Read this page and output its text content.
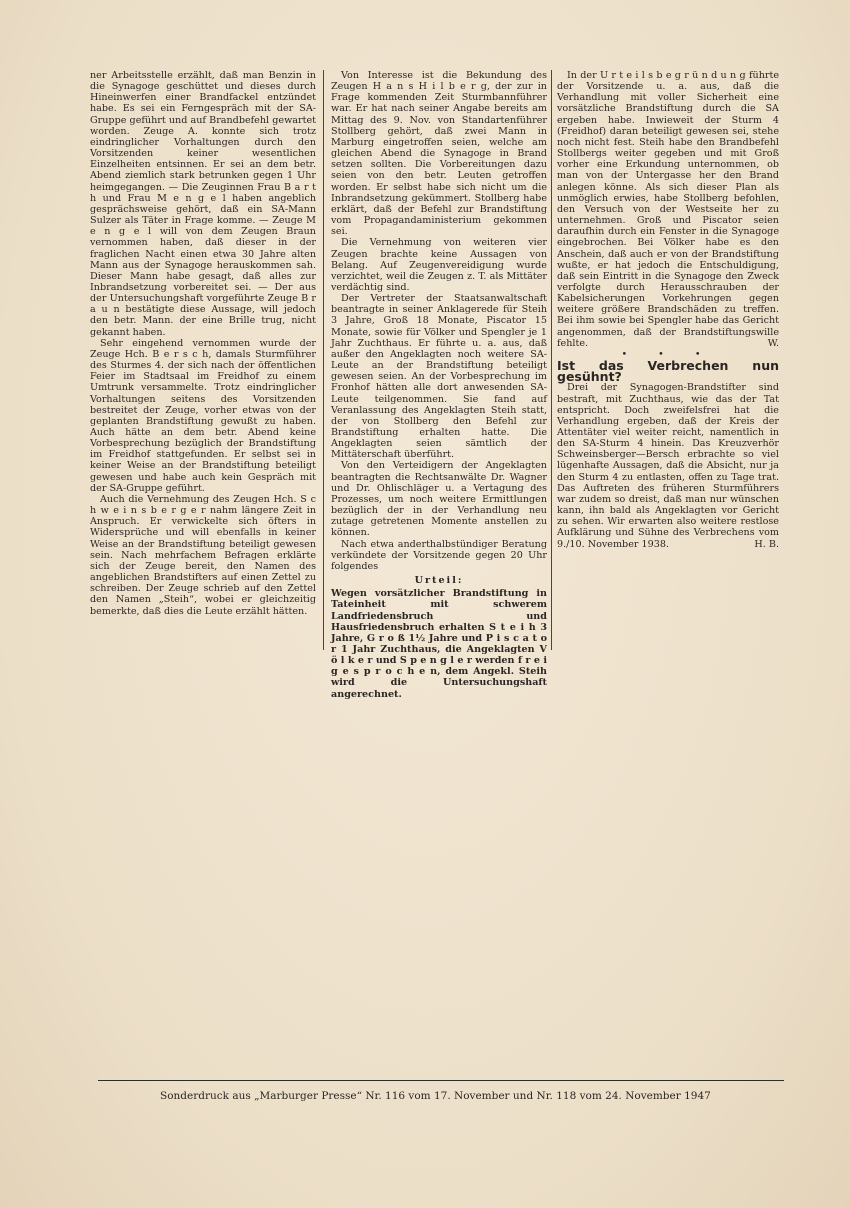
ner Arbeitsstelle erzählt, daß man Benzin in die Synagoge geschüttet und dieses durch Hineinwerfen einer Brandfackel entzündet habe. Es sei ein Ferngespräch mit der SA-Gruppe geführt und auf Brandbefehl gewartet worden. Zeuge A. konnte sich trotz eindringlicher Vorhaltungen durch den Vorsitzenden keiner wesentlichen Einzelheiten entsinnen. Er sei an dem betr. Abend ziemlich stark betrunken gegen 1 Uhr heimgegangen. — Die Zeuginnen Frau B a r t h und Frau M e n g e l haben angeblich gesprächsweise gehört, daß ein SA-Mann Sulzer als Täter in Frage komme. — Zeuge M e n g e l will von dem Zeugen Braun vernommen haben, daß dieser in der fraglichen Nacht einen etwa 30 Jahre alten Mann aus der Synagoge herauskommen sah. Dieser Mann habe gesagt, daß alles zur Inbrandsetzung vorbereitet sei. — Der aus der Untersuchungshaft vorgeführte Zeuge B r a u n bestätigte diese Aussage, will jedoch den betr. Mann. der eine Brille trug, nicht gekannt haben.

Sehr eingehend vernommen wurde der Zeuge Hch. B e r s c h, damals Sturmführer des Sturmes 4. der sich nach der öffentlichen Feier im Stadtsaal im Freidhof zu einem Umtrunk versammelte. Trotz eindringlicher Vorhaltungen seitens des Vorsitzenden bestreitet der Zeuge, vorher etwas von der geplanten Brandstiftung gewußt zu haben. Auch hätte an dem betr. Abend keine Vorbesprechung bezüglich der Brandstiftung im Freidhof stattgefunden. Er selbst sei in keiner Weise an der Brandstiftung beteiligt gewesen und habe auch kein Gespräch mit der SA-Gruppe geführt.

Auch die Vernehmung des Zeugen Hch. S c h w e i n s b e r g e r nahm längere Zeit in Anspruch. Er verwickelte sich öfters in Widersprüche und will ebenfalls in keiner Weise an der Brandstiftung beteiligt gewesen sein. Nach mehrfachem Befragen erklärte sich der Zeuge bereit, den Namen des angeblichen Brandstifters auf einen Zettel zu schreiben. Der Zeuge schrieb auf den Zettel den Namen „Steih“, wobei er gleichzeitig bemerkte, daß dies die Leute erzählt hätten.

Von Interesse ist die Bekundung des Zeugen H a n s H i l b e r g, der zur in Frage kommenden Zeit Sturmbannführer war. Er hat nach seiner Angabe bereits am Mittag des 9. Nov. von Standartenführer Stollberg gehört, daß zwei Mann in Marburg eingetroffen seien, welche am gleichen Abend die Synagoge in Brand setzen sollten. Die Vorbereitungen dazu seien von den betr. Leuten getroffen worden. Er selbst habe sich nicht um die Inbrandsetzung gekümmert. Stollberg habe erklärt, daß der Befehl zur Brandstiftung vom Propagandaministerium gekommen sei.

Die Vernehmung von weiteren vier Zeugen brachte keine Aussagen von Belang. Auf Zeugenvereidigung wurde verzichtet, weil die Zeugen z. T. als Mittäter verdächtig sind.

Der Vertreter der Staatsanwaltschaft beantragte in seiner Anklagerede für Steih 3 Jahre, Groß 18 Monate, Piscator 15 Monate, sowie für Völker und Spengler je 1 Jahr Zuchthaus. Er führte u. a. aus, daß außer den Angeklagten noch weitere SA-Leute an der Brandstiftung beteiligt gewesen seien. An der Vorbesprechung im Fronhof hätten alle dort anwesenden SA-Leute teilgenommen. Sie fand auf Veranlassung des Angeklagten Steih statt, der von Stollberg den Befehl zur Brandstiftung erhalten hatte. Die Angeklagten seien sämtlich der Mittäterschaft überführt.

Von den Verteidigern der Angeklagten beantragten die Rechtsanwälte Dr. Wagner und Dr. Ohlischläger u. a Vertagung des Prozesses, um noch weitere Ermittlungen bezüglich der in der Verhandlung neu zutage getretenen Momente anstellen zu können.

Nach etwa anderthalbstündiger Beratung verkündete der Vorsitzende gegen 20 Uhr folgendes

Urteil:

Wegen vorsätzlicher Brandstiftung in Tateinheit mit schwerem Landfriedensbruch und Hausfriedensbruch erhalten S t e i h 3 Jahre, G r o ß 1½ Jahre und P i s c a t o r 1 Jahr Zuchthaus, die Angeklagten V ö l k e r und S p e n g l e r werden f r e i g e s p r o c h e n, dem Angekl. Steih wird die Untersuchungshaft angerechnet.

In der U r t e i l s b e g r ü n d u n g führte der Vorsitzende u. a. aus, daß die Verhandlung mit voller Sicherheit eine vorsätzliche Brandstiftung durch die SA ergeben habe. Inwieweit der Sturm 4 (Freidhof) daran beteiligt gewesen sei, stehe noch nicht fest. Steih habe den Brandbefehl Stollbergs weiter gegeben und mit Groß vorher eine Erkundung unternommen, ob man von der Untergasse her den Brand anlegen könne. Als sich dieser Plan als unmöglich erwies, habe Stollberg befohlen, den Versuch von der Westseite her zu unternehmen. Groß und Piscator seien daraufhin durch ein Fenster in die Synagoge eingebrochen. Bei Völker habe es den Anschein, daß auch er von der Brandstiftung wußte, er hat jedoch die Entschuldigung, daß sein Eintritt in die Synagoge den Zweck verfolgte durch Herausschrauben der Kabelsicherungen Vorkehrungen gegen weitere größere Brandschäden zu treffen. Bei ihm sowie bei Spengler habe das Gericht angenommen, daß der Brandstiftungswille fehlte.	W.

• • •

Ist das Verbrechen nun gesühnt?

Drei der Synagogen-Brandstifter sind bestraft, mit Zuchthaus, wie das der Tat entspricht. Doch zweifelsfrei hat die Verhandlung ergeben, daß der Kreis der Attentäter viel weiter reicht, namentlich in den SA-Sturm 4 hinein. Das Kreuzverhör Schweinsberger—Bersch erbrachte so viel lügenhafte Aussagen, daß die Absicht, nur ja den Sturm 4 zu entlasten, offen zu Tage trat. Das Auftreten des früheren Sturmführers war zudem so dreist, daß man nur wünschen kann, ihn bald als Angeklagten vor Gericht zu sehen. Wir erwarten also weitere restlose Aufklärung und Sühne des Verbrechens vom 9./10. November 1938.	H. B.

Sonderdruck aus „Marburger Presse“ Nr. 116 vom 17. November und Nr. 118 vom 24. November 1947
